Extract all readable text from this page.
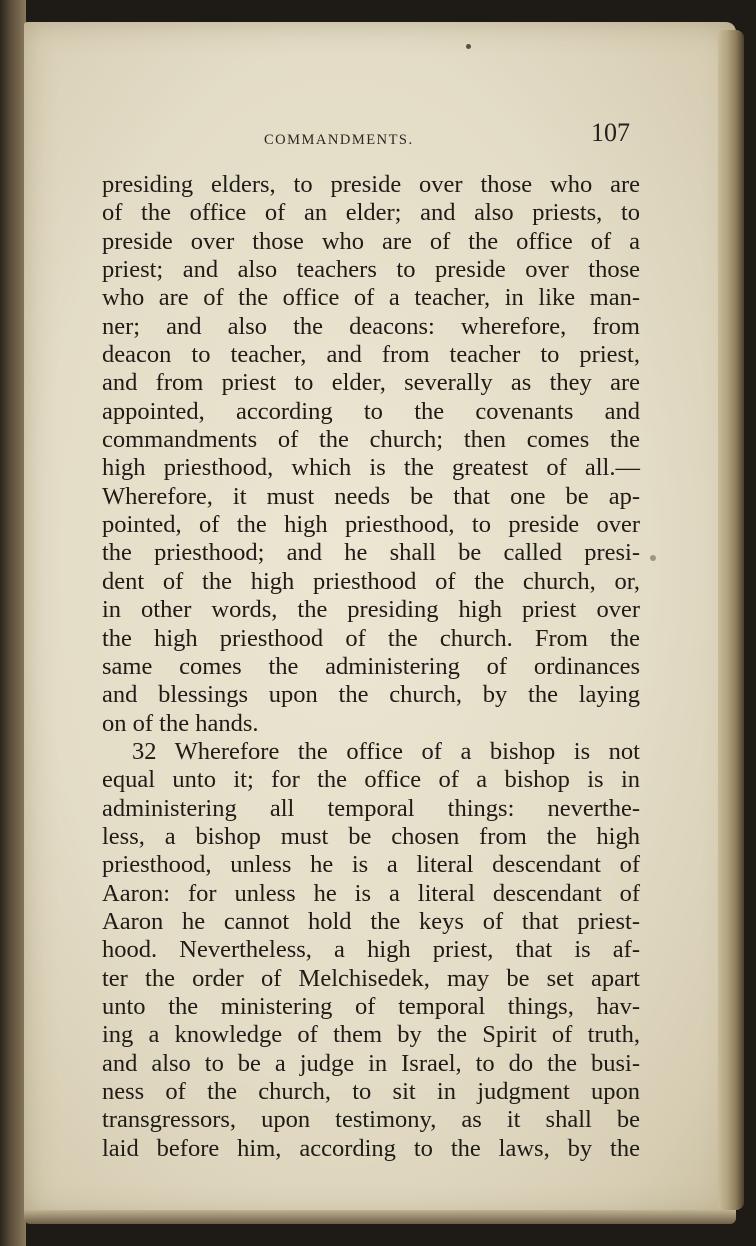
COMMANDMENTS.	107
presiding elders, to preside over those who are
of the office of an elder; and also priests, to
preside over those who are of the office of a
priest; and also teachers to preside over those
who are of the office of a teacher, in like man-
ner; and also the deacons: wherefore, from
deacon to teacher, and from teacher to priest,
and from priest to elder, severally as they are
appointed, according to the covenants and
commandments of the church; then comes the
high priesthood, which is the greatest of all.—
Wherefore, it must needs be that one be ap-
pointed, of the high priesthood, to preside over
the priesthood; and he shall be called presi-
dent of the high priesthood of the church, or,
in other words, the presiding high priest over
the high priesthood of the church. From the
same comes the administering of ordinances
and blessings upon the church, by the laying
on of the hands.
32 Wherefore the office of a bishop is not
equal unto it; for the office of a bishop is in
administering all temporal things: neverthe-
less, a bishop must be chosen from the high
priesthood, unless he is a literal descendant of
Aaron: for unless he is a literal descendant of
Aaron he cannot hold the keys of that priest-
hood. Nevertheless, a high priest, that is af-
ter the order of Melchisedek, may be set apart
unto the ministering of temporal things, hav-
ing a knowledge of them by the Spirit of truth,
and also to be a judge in Israel, to do the busi-
ness of the church, to sit in judgment upon
transgressors, upon testimony, as it shall be
laid before him, according to the laws, by the
